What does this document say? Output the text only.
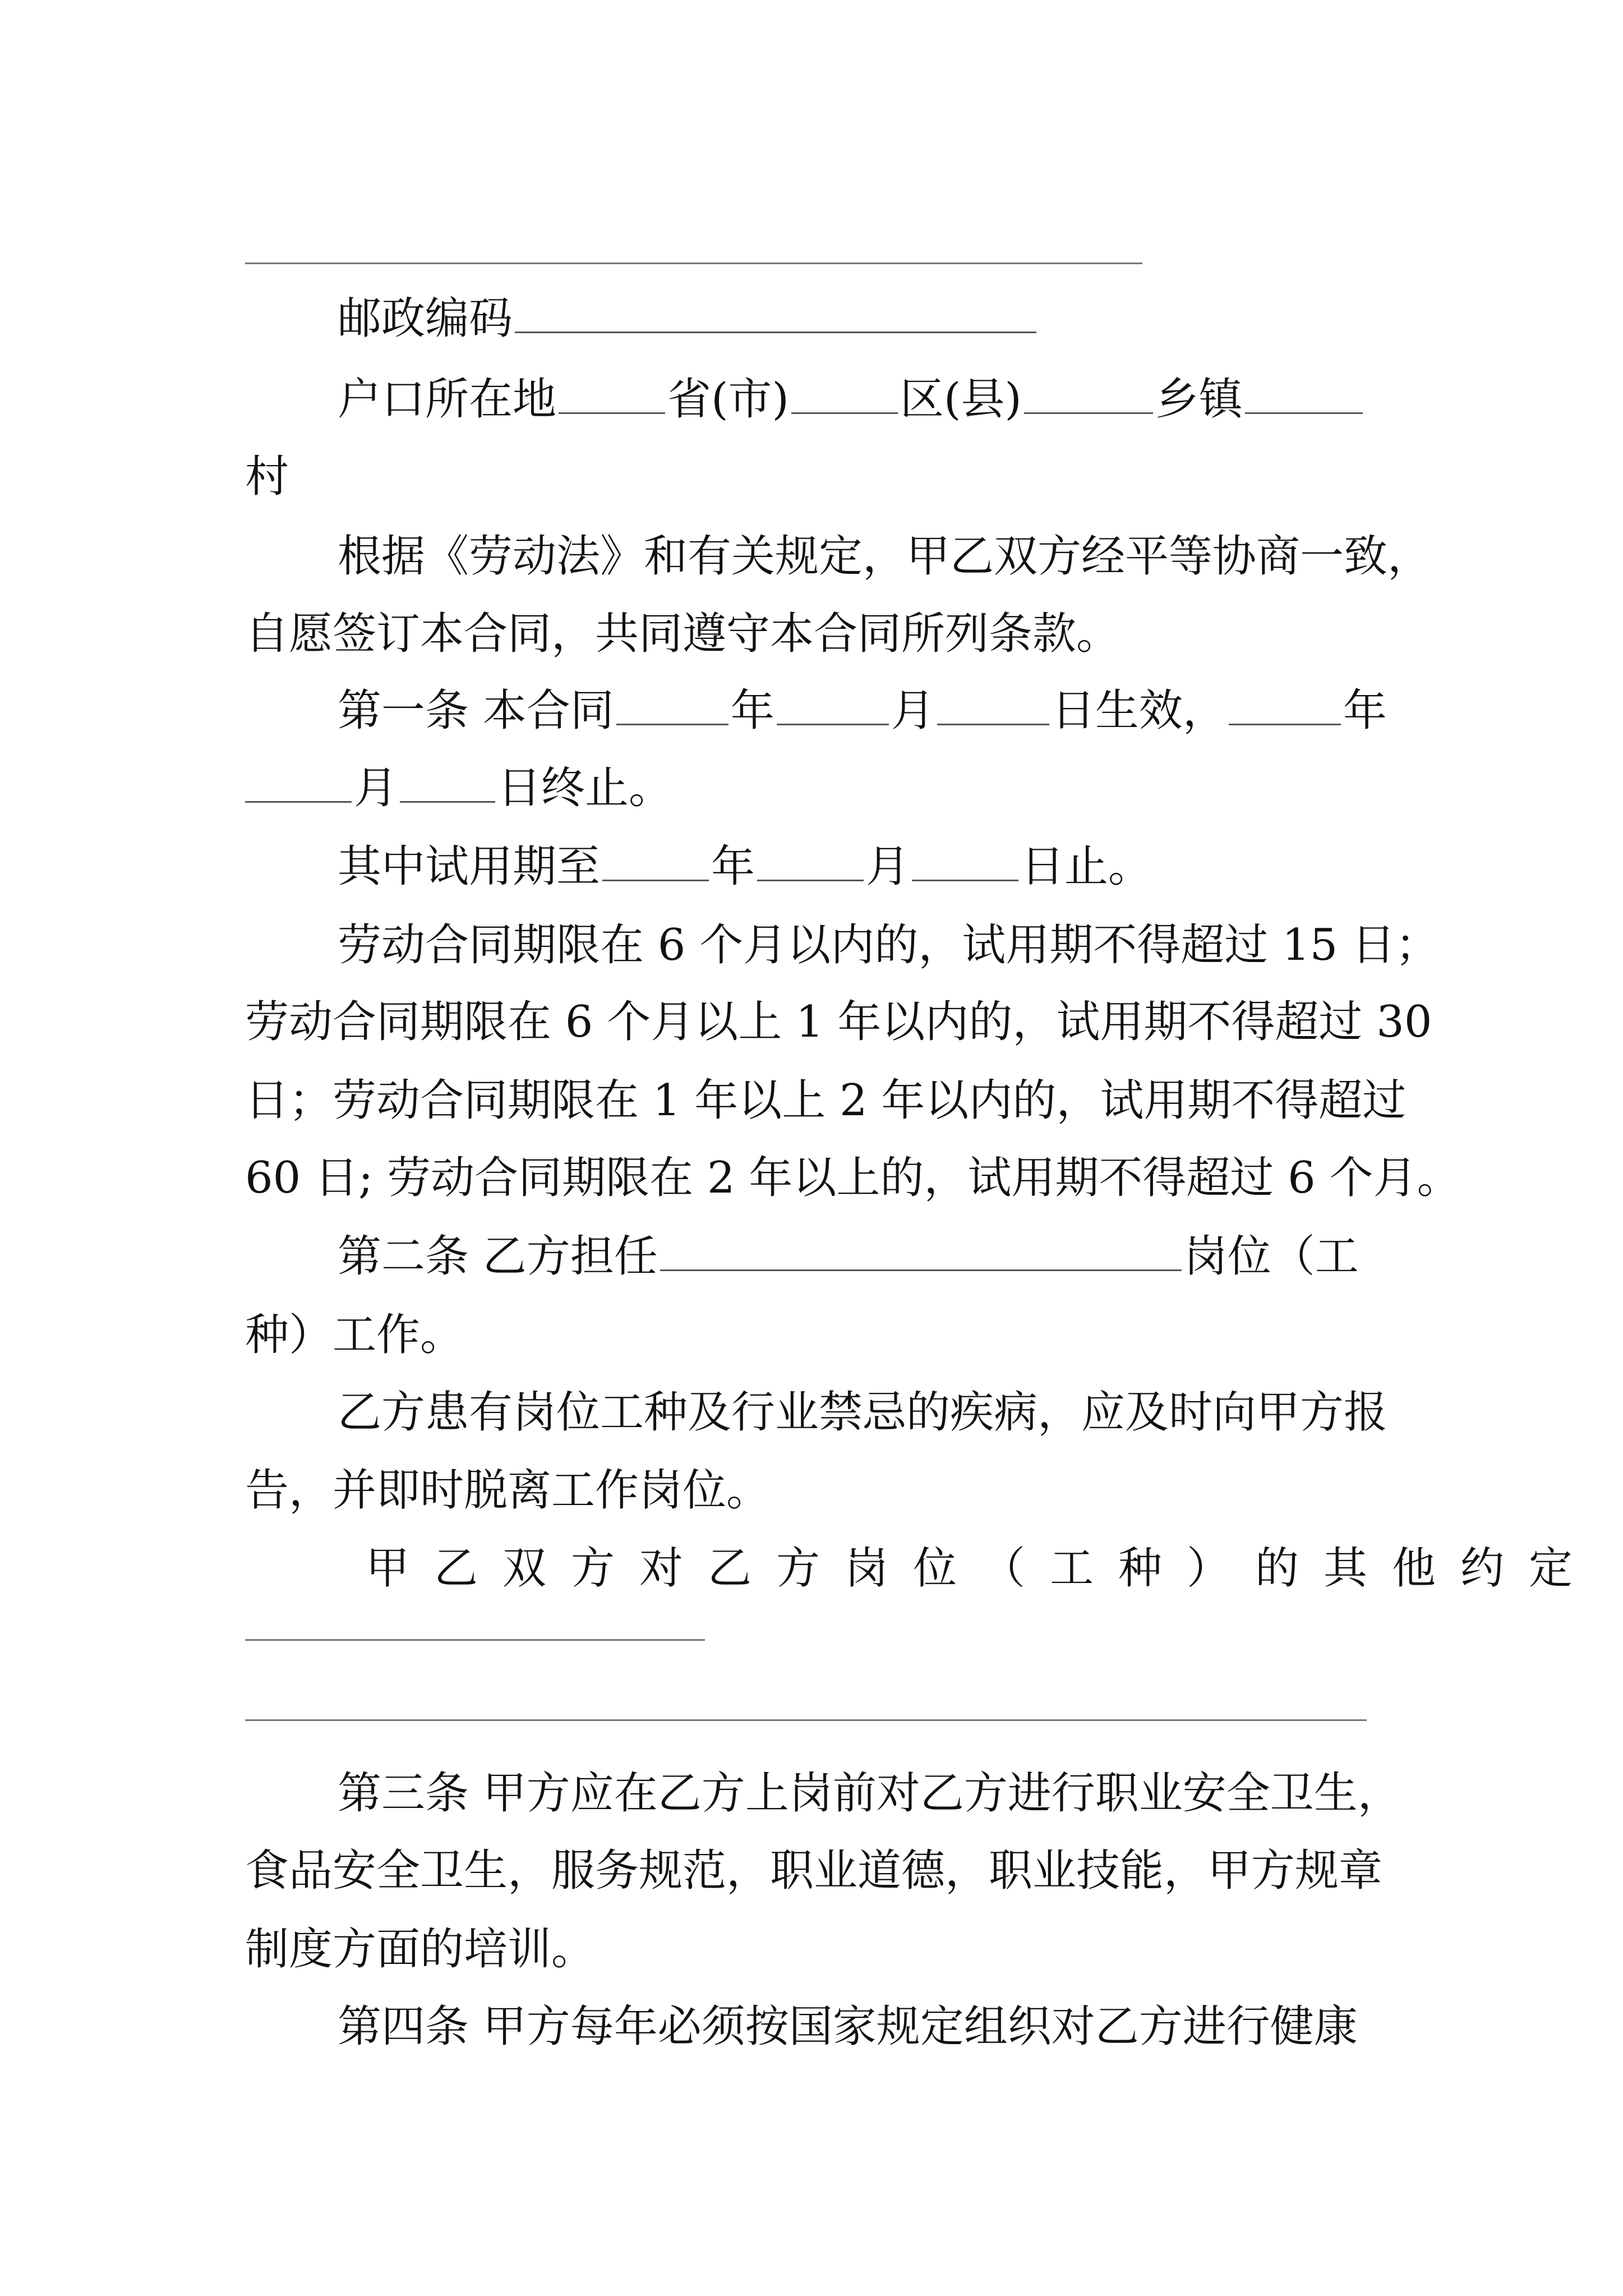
邮政编码
户口所在地	省(市)	区(县)	乡镇
村
根据《劳动法》和有关规定，甲乙双方经平等协商一致，
自愿签订本合同，共同遵守本合同所列条款。
第一条 本合同	年	月	日生效，	年
月 日终止。
其中试用期至	年	月	日止。
劳动合同期限在 6 个月以内的，试用期不得超过 15 日；
劳动合同期限在 6 个月以上 1 年以内的，试用期不得超过 30
日；劳动合同期限在 1 年以上 2 年以内的，试用期不得超过
60 日; 劳动合同期限在 2 年以上的，试用期不得超过 6 个月。
第二条 乙方担任	岗位（工
种）工作。
乙方患有岗位工种及行业禁忌的疾病，应及时向甲方报
告，并即时脱离工作岗位。
甲乙双方对乙方岗位（工种）的其他约定
第三条 甲方应在乙方上岗前对乙方进行职业安全卫生，
食品安全卫生，服务规范，职业道德，职业技能，甲方规章
制度方面的培训。
第四条 甲方每年必须按国家规定组织对乙方进行健康
